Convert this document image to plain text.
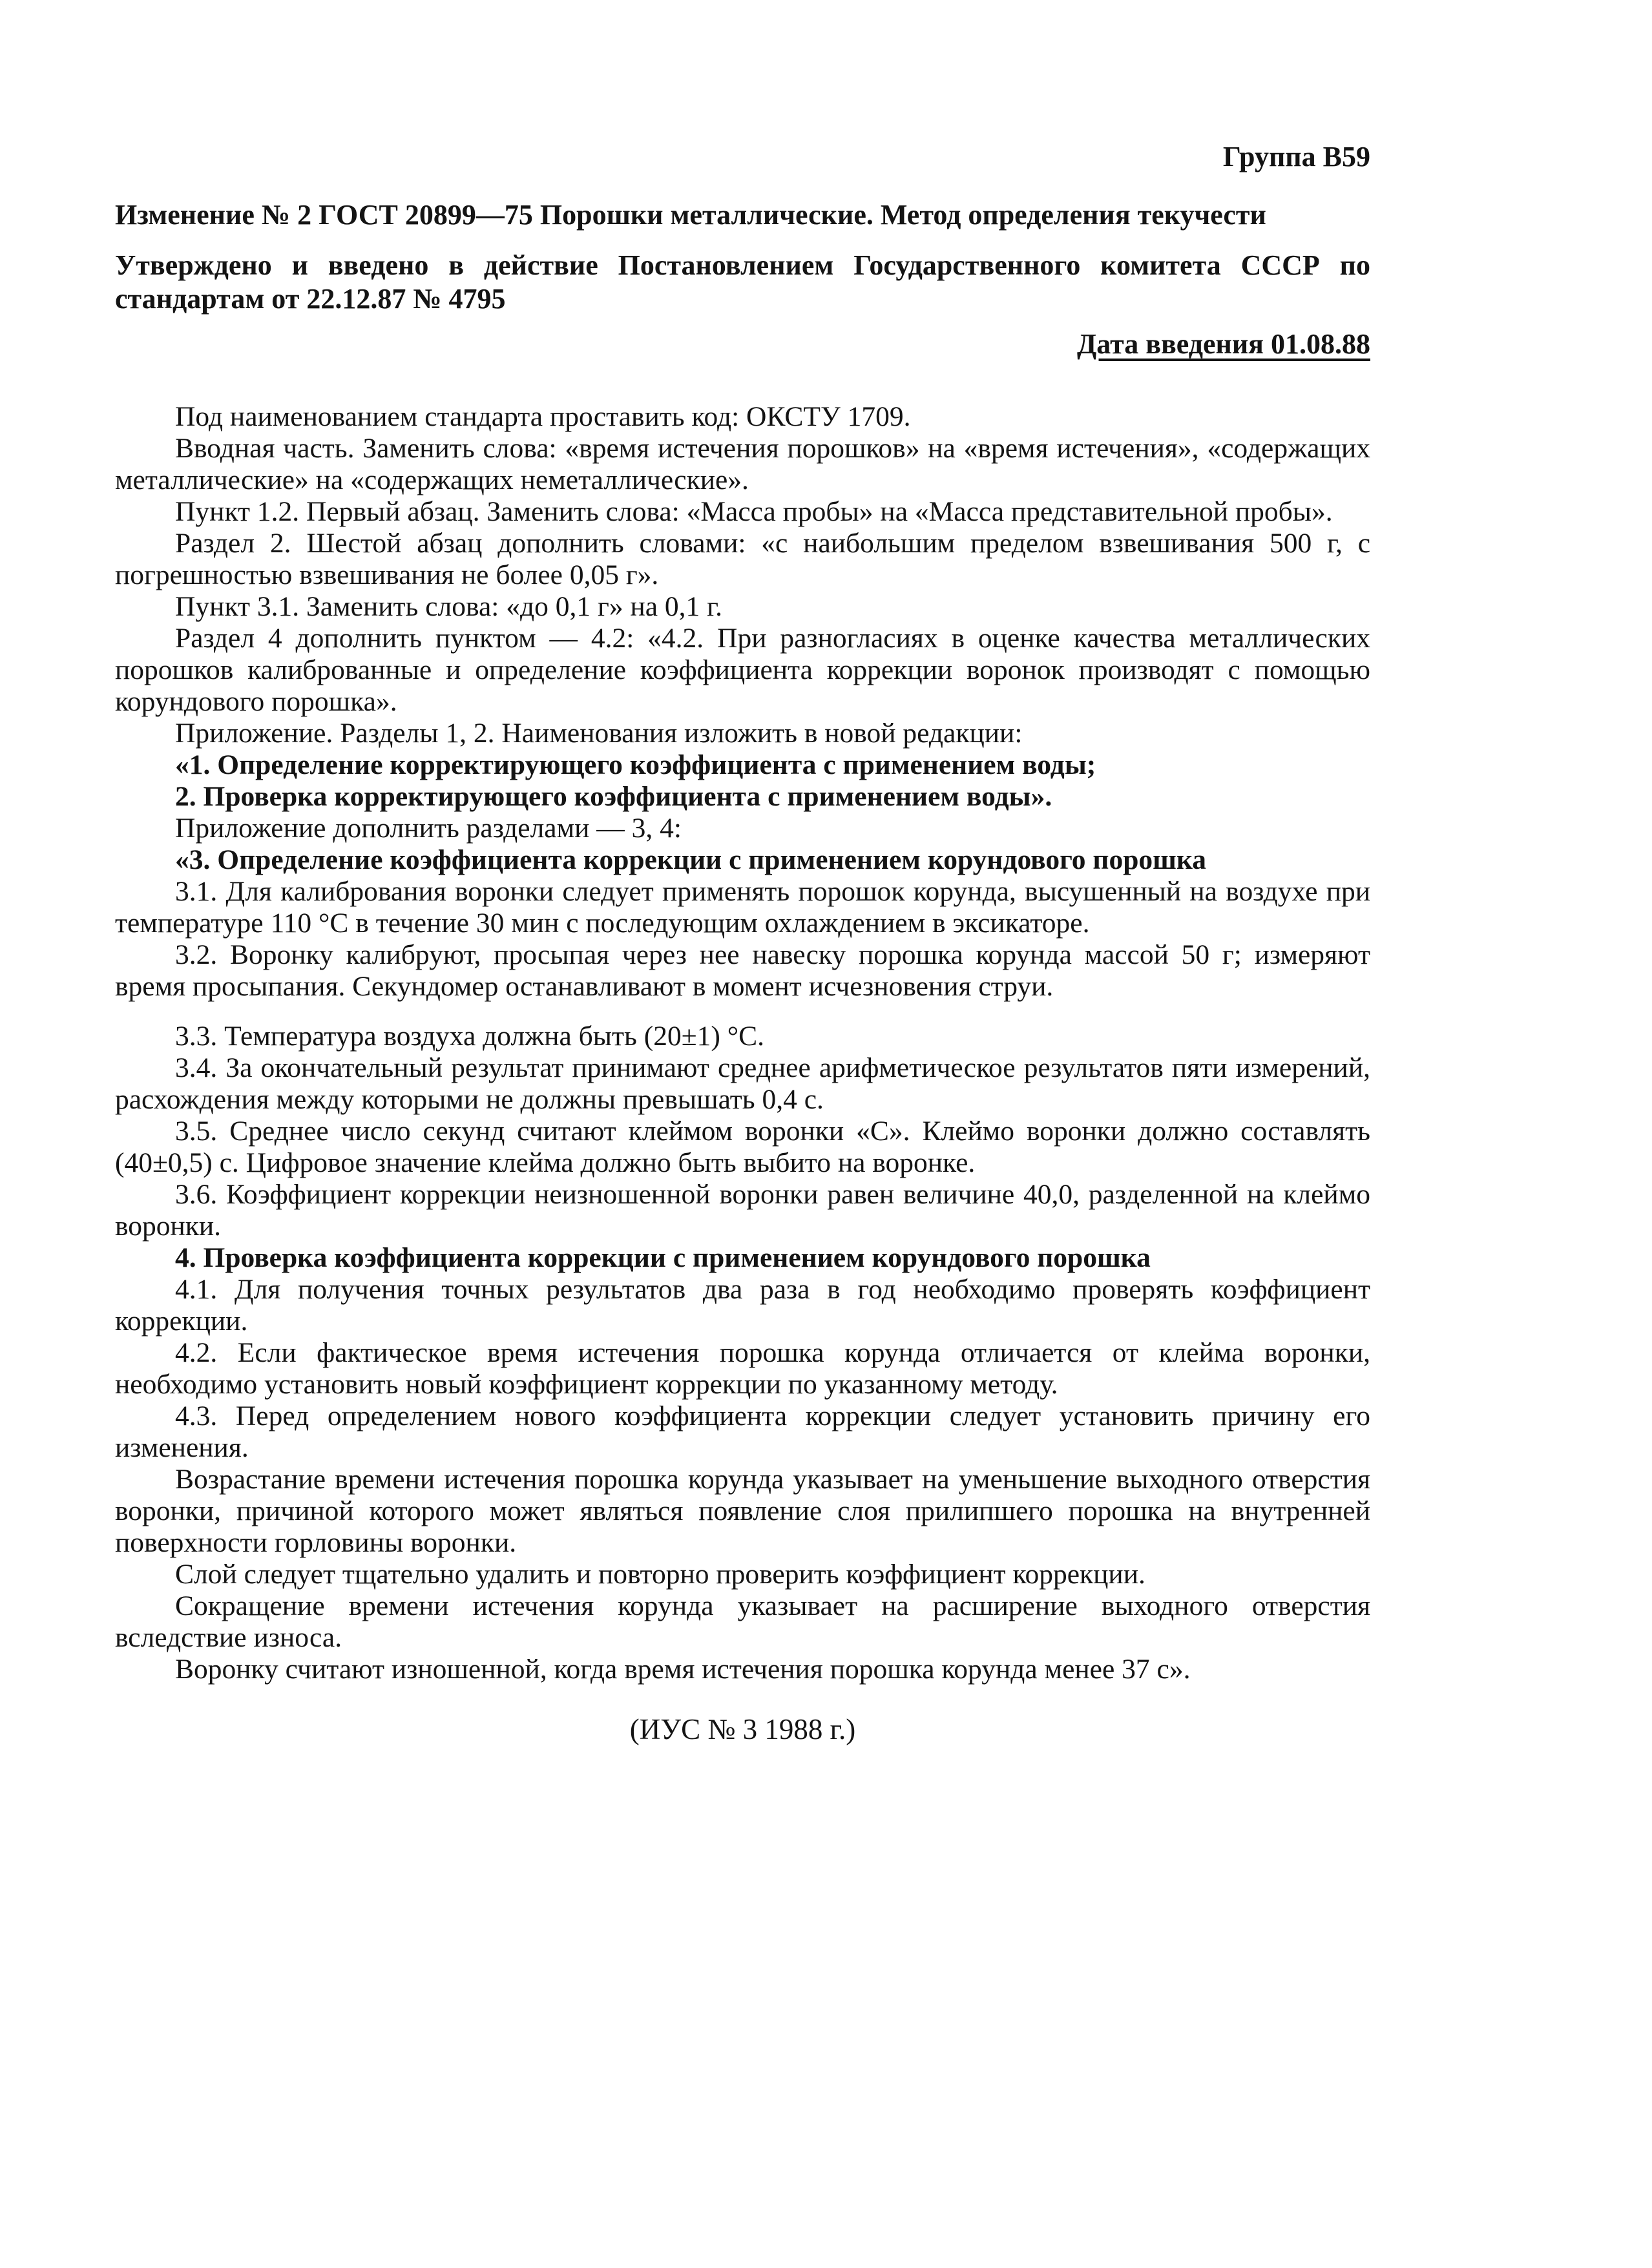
Группа В59
Изменение № 2 ГОСТ 20899—75 Порошки металлические. Метод определения текучести
Утверждено и введено в действие Постановлением Государственного комитета СССР по стандартам от 22.12.87 № 4795
Дата введения 01.08.88
Под наименованием стандарта проставить код: ОКСТУ 1709.
Вводная часть. Заменить слова: «время истечения порошков» на «время истечения», «содержащих металлические» на «содержащих неметаллические».
Пункт 1.2. Первый абзац. Заменить слова: «Масса пробы» на «Масса представительной пробы».
Раздел 2. Шестой абзац дополнить словами: «с наибольшим пределом взвешивания 500 г, с погрешностью взвешивания не более 0,05 г».
Пункт 3.1. Заменить слова: «до 0,1 г» на 0,1 г.
Раздел 4 дополнить пунктом — 4.2: «4.2. При разногласиях в оценке качества металлических порошков калиброванные и определение коэффициента коррекции воронок производят с помощью корундового порошка».
Приложение. Разделы 1, 2. Наименования изложить в новой редакции:
«1. Определение корректирующего коэффициента с применением воды;
2. Проверка корректирующего коэффициента с применением воды».
Приложение дополнить разделами — 3, 4:
«3. Определение коэффициента коррекции с применением корундового порошка
3.1. Для калибрования воронки следует применять порошок корунда, высушенный на воздухе при температуре 110 °С в течение 30 мин с последующим охлаждением в эксикаторе.
3.2. Воронку калибруют, просыпая через нее навеску порошка корунда массой 50 г; измеряют время просыпания. Секундомер останавливают в момент исчезновения струи.
3.3. Температура воздуха должна быть (20±1) °С.
3.4. За окончательный результат принимают среднее арифметическое результатов пяти измерений, расхождения между которыми не должны превышать 0,4 с.
3.5. Среднее число секунд считают клеймом воронки «С». Клеймо воронки должно составлять (40±0,5) с. Цифровое значение клейма должно быть выбито на воронке.
3.6. Коэффициент коррекции неизношенной воронки равен величине 40,0, разделенной на клеймо воронки.
4. Проверка коэффициента коррекции с применением корундового порошка
4.1. Для получения точных результатов два раза в год необходимо проверять коэффициент коррекции.
4.2. Если фактическое время истечения порошка корунда отличается от клейма воронки, необходимо установить новый коэффициент коррекции по указанному методу.
4.3. Перед определением нового коэффициента коррекции следует установить причину его изменения.
Возрастание времени истечения порошка корунда указывает на уменьшение выходного отверстия воронки, причиной которого может являться появление слоя прилипшего порошка на внутренней поверхности горловины воронки.
Слой следует тщательно удалить и повторно проверить коэффициент коррекции.
Сокращение времени истечения корунда указывает на расширение выходного отверстия вследствие износа.
Воронку считают изношенной, когда время истечения порошка корунда менее 37 с».
(ИУС № 3 1988 г.)
